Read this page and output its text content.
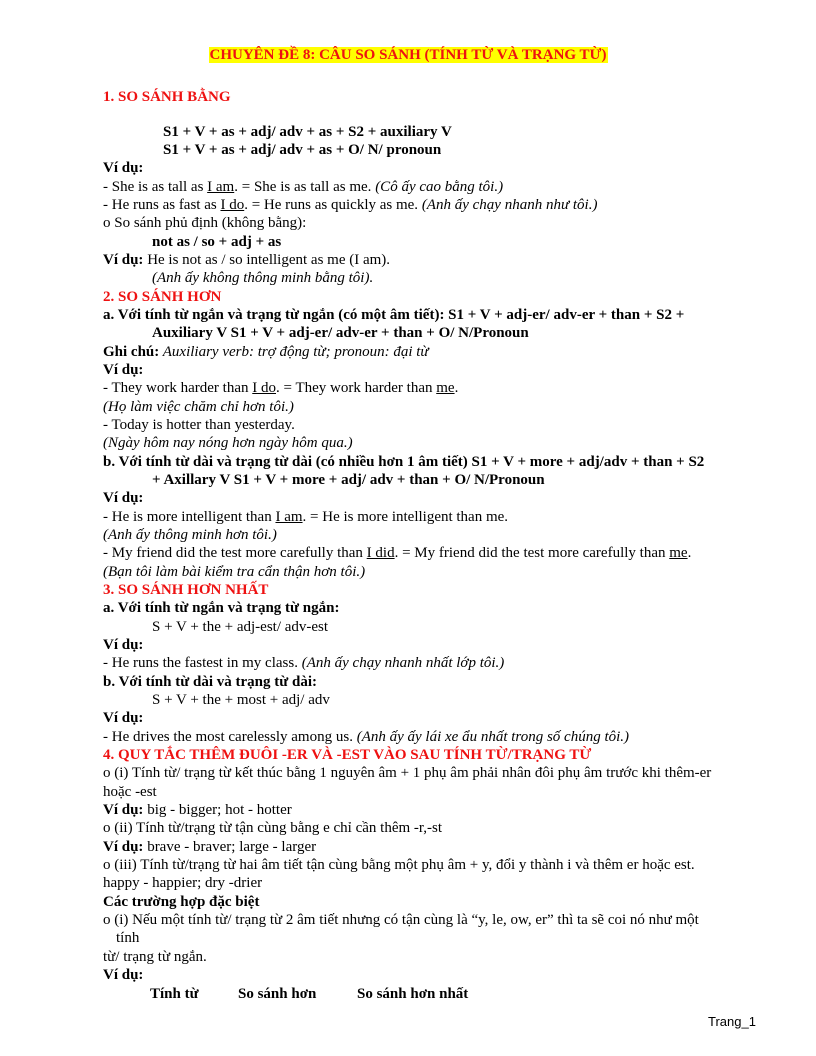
CHUYÊN ĐỀ 8: CÂU SO SÁNH (TÍNH TỪ VÀ TRẠNG TỪ)
1. SO SÁNH BẰNG
S1 + V + as + adj/ adv + as + S2 + auxiliary V
S1 + V + as + adj/ adv + as + O/ N/ pronoun
Ví dụ:
- She is as tall as I am. = She is as tall as me. (Cô ấy cao bằng tôi.)
- He runs as fast as I do. = He runs as quickly as me. (Anh ấy chạy nhanh như tôi.)
o So sánh phủ định (không bằng):
not as / so + adj + as
Ví dụ: He is not as / so intelligent as me (I am).
(Anh ấy không thông minh bằng tôi).
2. SO SÁNH HƠN
a. Với tính từ ngắn và trạng từ ngắn (có một âm tiết): S1 + V + adj-er/ adv-er + than + S2 +
Auxiliary V S1 + V + adj-er/ adv-er + than + O/ N/Pronoun
Ghi chú: Auxiliary verb: trợ động từ; pronoun: đại từ
Ví dụ:
- They work harder than I do. = They work harder than me.
(Họ làm việc chăm chỉ hơn tôi.)
- Today is hotter than yesterday.
(Ngày hôm nay nóng hơn ngày hôm qua.)
b. Với tính từ dài và trạng từ dài (có nhiều hơn 1 âm tiết) S1 + V + more + adj/adv + than + S2
+ Axillary V S1 + V + more + adj/ adv + than + O/ N/Pronoun
Ví dụ:
- He is more intelligent than I am. = He is more intelligent than me.
(Anh ấy thông minh hơn tôi.)
- My friend did the test more carefully than I did. = My friend did the test more carefully than me.
(Bạn tôi làm bài kiểm tra cẩn thận hơn tôi.)
3. SO SÁNH HƠN NHẤT
a. Với tính từ ngắn và trạng từ ngắn:
S + V + the + adj-est/ adv-est
Ví dụ:
- He runs the fastest in my class. (Anh ấy chạy nhanh nhất lớp tôi.)
b. Với tính từ dài và trạng từ dài:
S + V + the + most + adj/ adv
Ví dụ:
- He drives the most carelessly among us. (Anh ấy ấy lái xe ẩu nhất trong số chúng tôi.)
4. QUY TẮC THÊM ĐUÔI -ER VÀ -EST VÀO SAU TÍNH TỪ/TRẠNG TỪ
o (i) Tính từ/ trạng từ kết thúc bằng 1 nguyên âm + 1 phụ âm phải nhân đôi phụ âm trước khi thêm-er
hoặc -est
Ví dụ: big - bigger; hot - hotter
o (ii) Tính từ/trạng từ tận cùng bằng e chỉ cần thêm -r,-st
Ví dụ: brave - braver; large - larger
o (iii) Tính từ/trạng từ hai âm tiết tận cùng bằng một phụ âm + y, đổi y thành i và thêm er hoặc est.
happy - happier; dry -drier
Các trường hợp đặc biệt
o (i) Nếu một tính từ/ trạng từ 2 âm tiết nhưng có tận cùng là “y, le, ow, er” thì ta sẽ coi nó như một
tính
từ/ trạng từ ngắn.
Ví dụ:
Tính từ	So sánh hơn	So sánh hơn nhất
Trang_1
